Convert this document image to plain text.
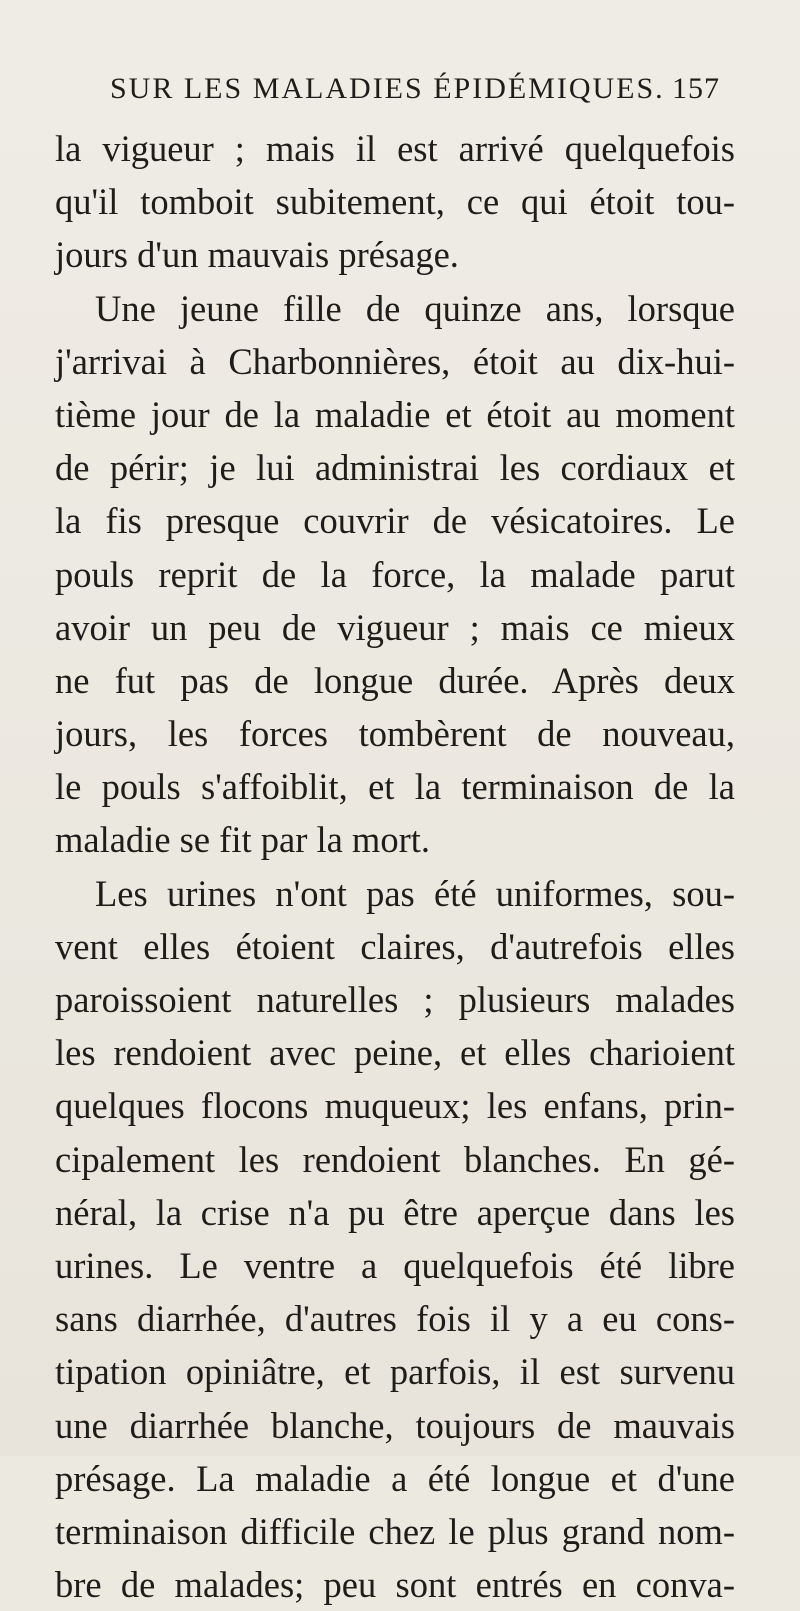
SUR LES MALADIES ÉPIDÉMIQUES. 157
la vigueur ; mais il est arrivé quelquefois
qu'il tomboit subitement, ce qui étoit tou-
jours d'un mauvais présage.
Une jeune fille de quinze ans, lorsque
j'arrivai à Charbonnières, étoit au dix-hui-
tième jour de la maladie et étoit au moment
de périr; je lui administrai les cordiaux et
la fis presque couvrir de vésicatoires. Le
pouls reprit de la force, la malade parut
avoir un peu de vigueur ; mais ce mieux
ne fut pas de longue durée. Après deux
jours, les forces tombèrent de nouveau,
le pouls s'affoiblit, et la terminaison de la
maladie se fit par la mort.
Les urines n'ont pas été uniformes, sou-
vent elles étoient claires, d'autrefois elles
paroissoient naturelles ; plusieurs malades
les rendoient avec peine, et elles charioient
quelques flocons muqueux; les enfans, prin-
cipalement les rendoient blanches. En gé-
néral, la crise n'a pu être aperçue dans les
urines. Le ventre a quelquefois été libre
sans diarrhée, d'autres fois il y a eu cons-
tipation opiniâtre, et parfois, il est survenu
une diarrhée blanche, toujours de mauvais
présage. La maladie a été longue et d'une
terminaison difficile chez le plus grand nom-
bre de malades; peu sont entrés en conva-
